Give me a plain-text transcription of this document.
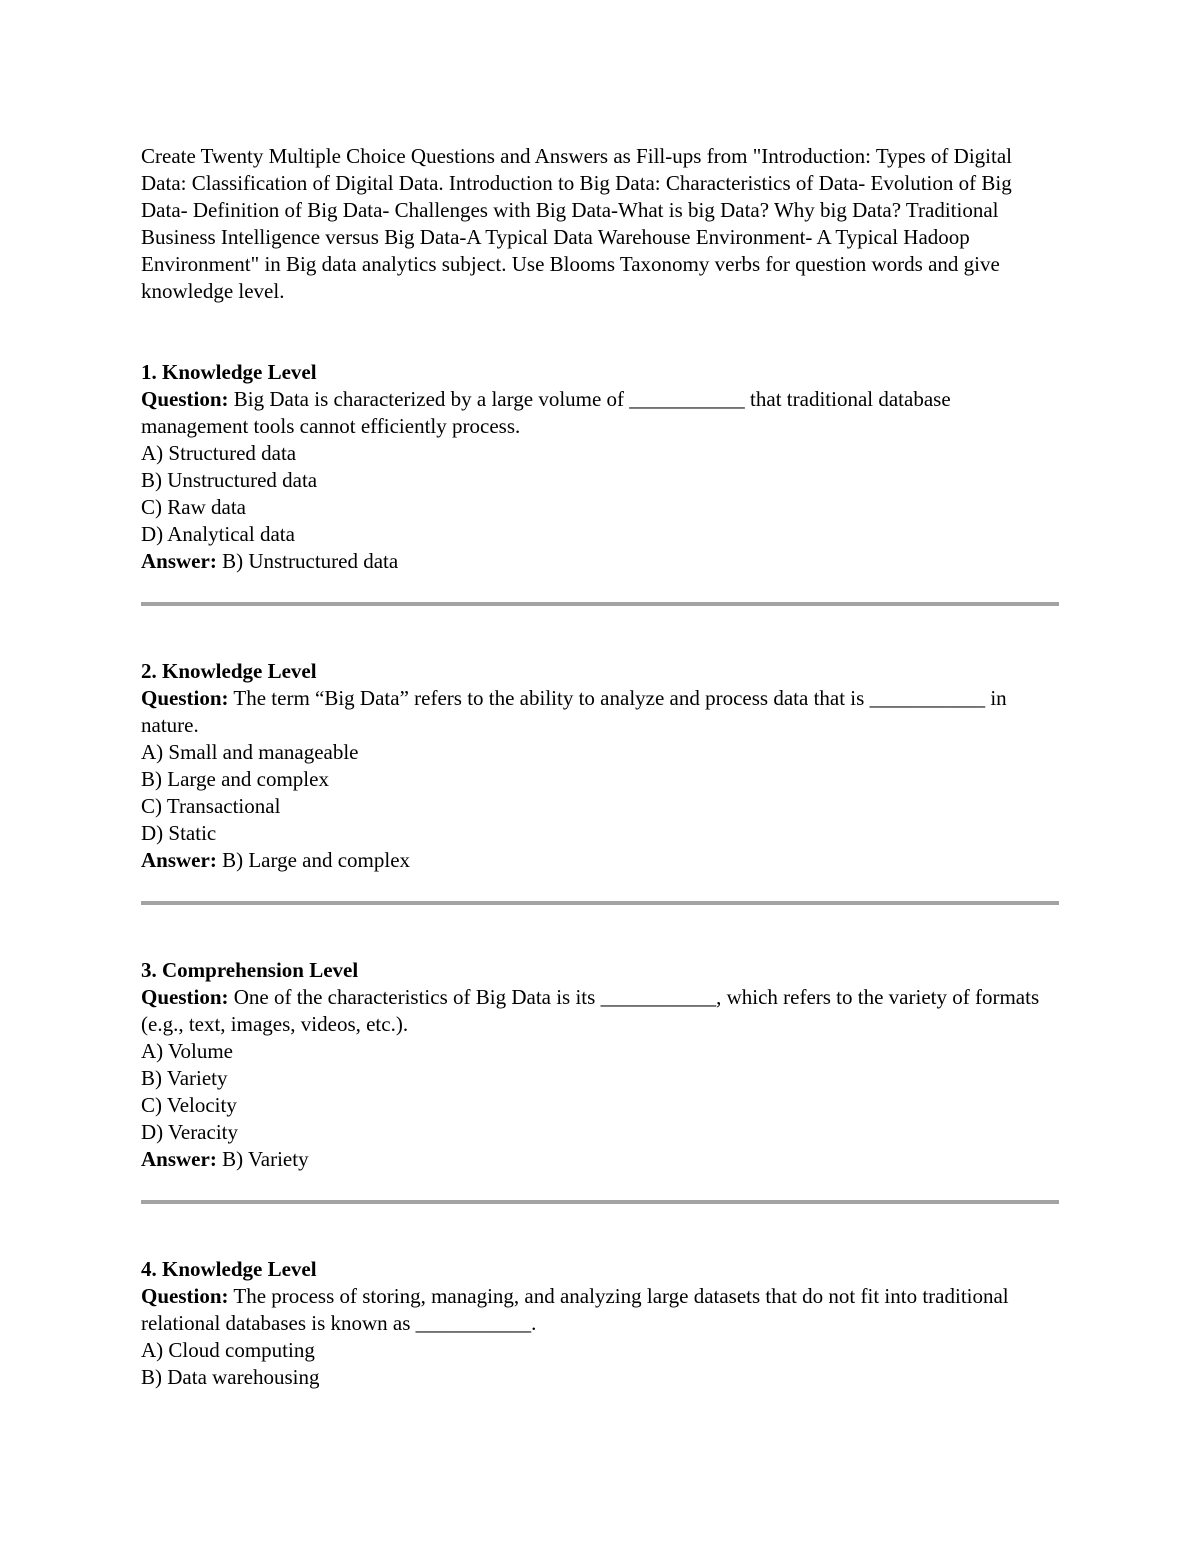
Create Twenty Multiple Choice Questions and Answers as Fill-ups from "Introduction: Types of Digital Data: Classification of Digital Data. Introduction to Big Data: Characteristics of Data- Evolution of Big Data- Definition of Big Data- Challenges with Big Data-What is big Data? Why big Data? Traditional Business Intelligence versus Big Data-A Typical Data Warehouse Environment- A Typical Hadoop Environment" in Big data analytics subject. Use Blooms Taxonomy verbs for question words and give knowledge level.

1. Knowledge Level
Question: Big Data is characterized by a large volume of ___________ that traditional database management tools cannot efficiently process.
A) Structured data
B) Unstructured data
C) Raw data
D) Analytical data
Answer: B) Unstructured data
2. Knowledge Level
Question: The term “Big Data” refers to the ability to analyze and process data that is ___________ in nature.
A) Small and manageable
B) Large and complex
C) Transactional
D) Static
Answer: B) Large and complex
3. Comprehension Level
Question: One of the characteristics of Big Data is its ___________, which refers to the variety of formats (e.g., text, images, videos, etc.).
A) Volume
B) Variety
C) Velocity
D) Veracity
Answer: B) Variety
4. Knowledge Level
Question: The process of storing, managing, and analyzing large datasets that do not fit into traditional relational databases is known as ___________.
A) Cloud computing
B) Data warehousing
